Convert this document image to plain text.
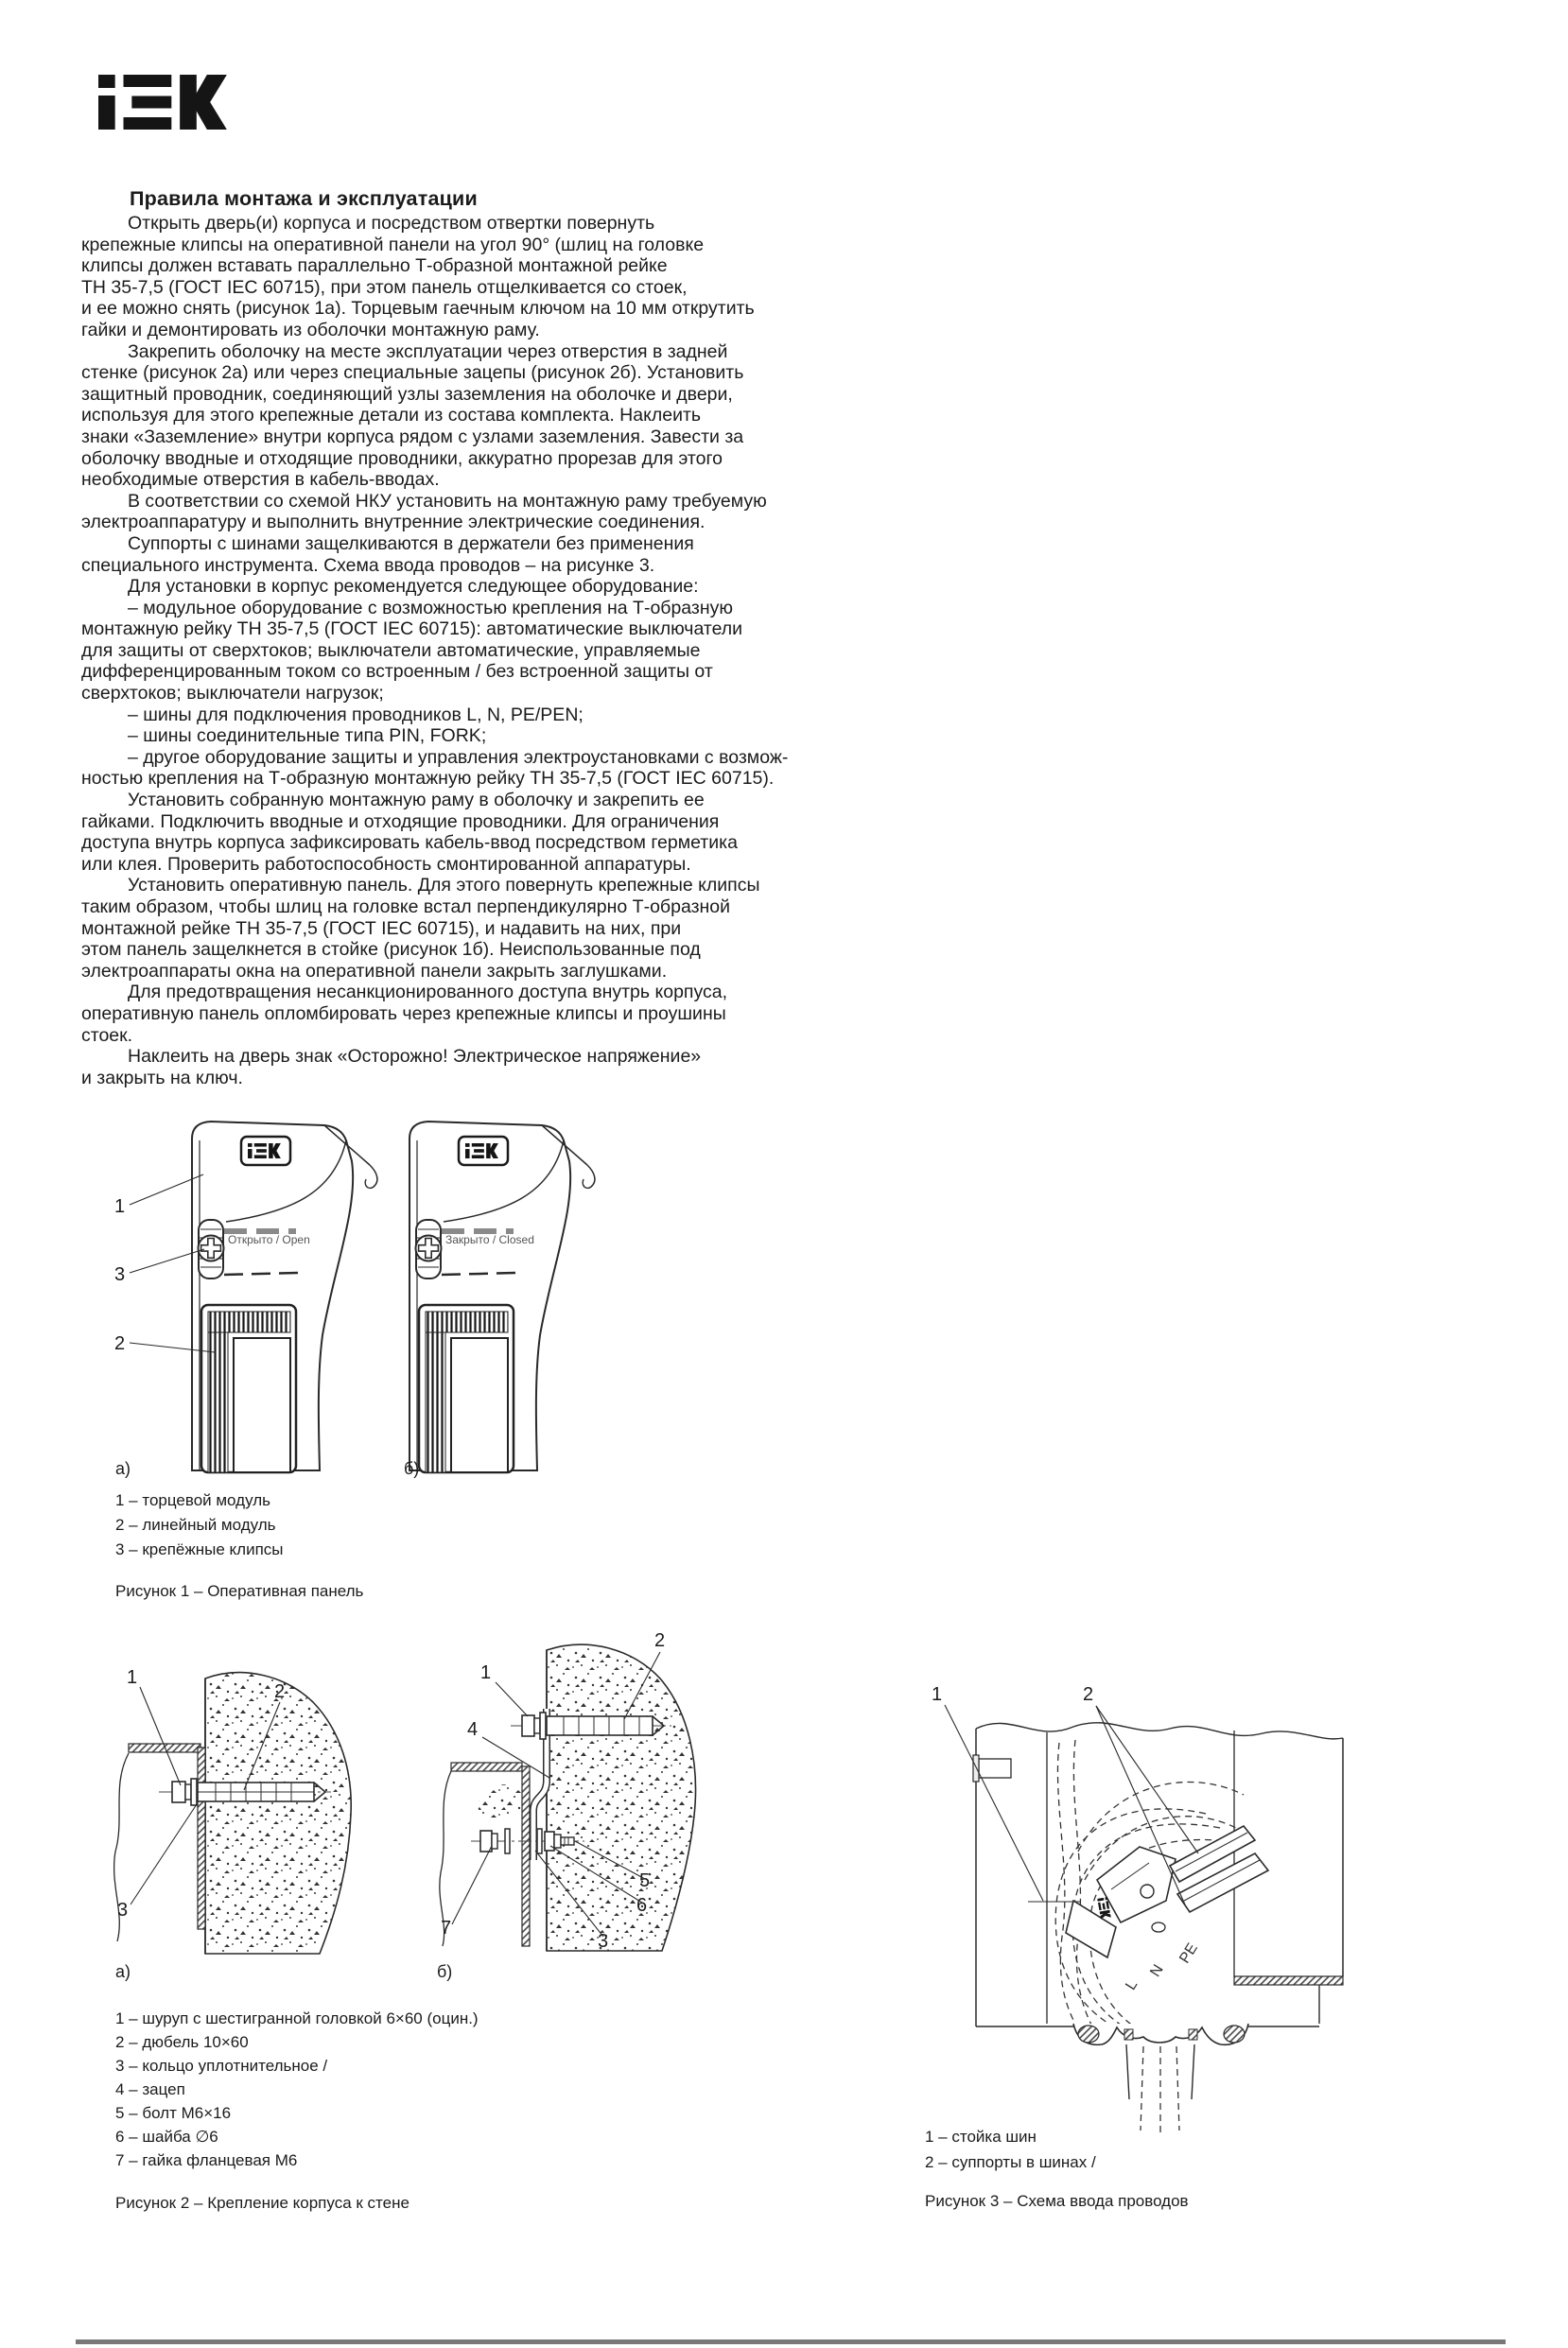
Правила монтажа и эксплуатации
Открыть дверь(и) корпуса и посредством отвертки повернуть
крепежные клипсы на оперативной панели на угол 90° (шлиц на головке
клипсы должен вставать параллельно Т-образной монтажной рейке
ТН 35-7,5 (ГОСТ IEC 60715), при этом панель отщелкивается со стоек,
и ее можно снять (рисунок 1а). Торцевым гаечным ключом на 10 мм открутить
гайки и демонтировать из оболочки монтажную раму.
Закрепить оболочку на месте эксплуатации через отверстия в задней
стенке (рисунок 2а) или через специальные зацепы (рисунок 2б). Установить
защитный проводник, соединяющий узлы заземления на оболочке и двери,
используя для этого крепежные детали из состава комплекта. Наклеить
знаки «Заземление» внутри корпуса рядом с узлами заземления. Завести за
оболочку вводные и отходящие проводники, аккуратно прорезав для этого
необходимые отверстия в кабель-вводах.
В соответствии со схемой НКУ установить на монтажную раму требуемую
электроаппаратуру и выполнить внутренние электрические соединения.
Суппорты с шинами защелкиваются в держатели без применения
специального инструмента. Схема ввода проводов – на рисунке 3.
Для установки в корпус рекомендуется следующее оборудование:
– модульное оборудование с возможностью крепления на Т-образную
монтажную рейку ТН 35-7,5 (ГОСТ IEC 60715): автоматические выключатели
для защиты от сверхтоков; выключатели автоматические, управляемые
дифференцированным током со встроенным / без встроенной защиты от
сверхтоков; выключатели нагрузок;
– шины для подключения проводников L, N, PE/PEN;
– шины соединительные типа PIN, FORK;
– другое оборудование защиты и управления электроустановками с возмож-
ностью крепления на Т-образную монтажную рейку ТН 35-7,5 (ГОСТ IEC 60715).
Установить собранную монтажную раму в оболочку и закрепить ее
гайками. Подключить вводные и отходящие проводники. Для ограничения
доступа внутрь корпуса зафиксировать кабель-ввод посредством герметика
или клея. Проверить работоспособность смонтированной аппаратуры.
Установить оперативную панель. Для этого повернуть крепежные клипсы
таким образом, чтобы шлиц на головке встал перпендикулярно Т-образной
монтажной рейке ТН 35-7,5 (ГОСТ IEC 60715), и надавить на них, при
этом панель защелкнется в стойке (рисунок 1б). Неиспользованные под
электроаппараты окна на оперативной панели закрыть заглушками.
Для предотвращения несанкционированного доступа внутрь корпуса,
оперативную панель опломбировать через крепежные клипсы и проушины
стоек.
Наклеить на дверь знак «Осторожно! Электрическое напряжение»
и закрыть на ключ.
Открыто / Open	Закрыто / Closed
1
3
2
а)	б)
1 – торцевой модуль
2 – линейный модуль
3 – крепёжные клипсы
Рисунок 1 – Оперативная панель
1
2
3
1
2
4
5
6
3
7
а)	б)
1 – шуруп с шестигранной головкой 6×60 (оцин.)
2 – дюбель 10×60
3 – кольцо уплотнительное /
4 – зацеп
5 – болт М6×16
6 – шайба ∅6
7 – гайка фланцевая М6
Рисунок 2 – Крепление корпуса к стене
L
N
PE
1	2
1 – стойка шин
2 – суппорты в шинах /
Рисунок 3 – Схема ввода проводов
